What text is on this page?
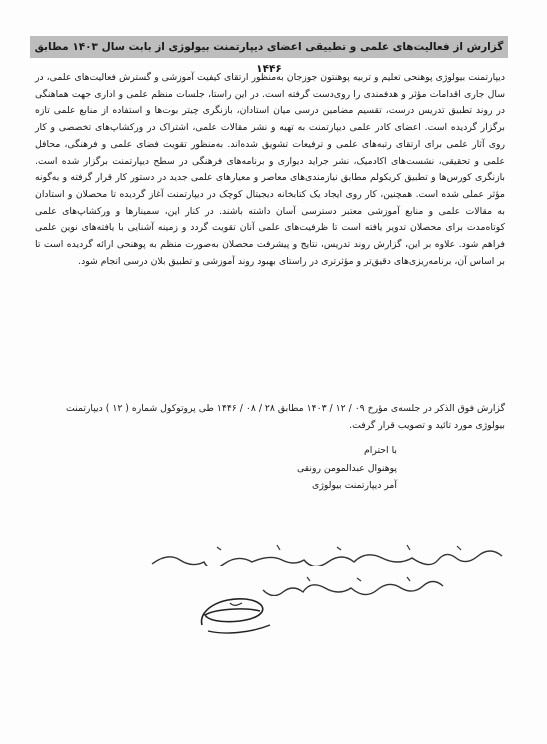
گزارش از فعالیت‌های علمی و تطبیقی اعضای دیپارتمنت بیولوژی از بابت سال ۱۴۰۳ مطابق ۱۴۴۶
دیپارتمنت بیولوژی پوهنحی تعلیم و تربیه پوهنتون جوزجان به‌منظور ارتقای کیفیت آموزشی و گسترش فعالیت‌های علمی، در سال جاری اقدامات مؤثر و هدفمندی را روی‌دست گرفته است. در این راستا، جلسات منظم علمی و اداری جهت هماهنگی در روند تطبیق تدریس درست، تقسیم مضامین درسی میان استادان، بازنگری چیتر بوت‌ها و استفاده از منابع علمی تازه برگزار گردیده است. اعضای کادر علمی دیپارتمنت به تهیه و نشر مقالات علمی، اشتراک در ورکشاپ‌های تخصصی و کار روی آثار علمی برای ارتقای رتبه‌های علمی و ترفیعات تشویق شده‌اند. به‌منظور تقویت فضای علمی و فرهنگی، محافل علمی و تحقیقی، نشست‌های اکادمیک، نشر جراید دیواری و برنامه‌های فرهنگی در سطح دیپارتمنت برگزار شده است. بازنگری کورس‌ها و تطبیق کریکولم مطابق نیازمندی‌های معاصر و معیارهای علمی جدید در دستور کار قرار گرفته و به‌گونه مؤثر عملی شده است. همچنین، کار روی ایجاد یک کتابخانه دیجیتال کوچک در دیپارتمنت آغاز گردیده تا محصلان و استادان به مقالات علمی و منابع آموزشی معتبر دسترسی آسان داشته باشند. در کنار این، سمینارها و ورکشاپ‌های علمی کوتاه‌مدت برای محصلان تدویر یافته است تا ظرفیت‌های علمی آنان تقویت گردد و زمینه آشنایی با یافته‌های نوین علمی فراهم شود. علاوه بر این، گزارش روند تدریس، نتایج و پیشرفت محصلان به‌صورت منظم به پوهنحی ارائه گردیده است تا بر اساس آن، برنامه‌ریزی‌های دقیق‌تر و مؤثرتری در راستای بهبود روند آموزشی و تطبیق بلان درسی انجام شود.
گزارش فوق الذکر در جلسه‌ی مؤرخ ۰۹ / ۱۲ / ۱۴۰۳ مطابق ۲۸ / ۰۸ / ۱۴۴۶ طی پروتوکول شماره ( ۱۲ ) دیپارتمنت بیولوژی مورد تائید و تصویب قرار گرفت.
با احترام
پوهنوال عبدالمومن رونقی
آمر دیپارتمنت بیولوژی
